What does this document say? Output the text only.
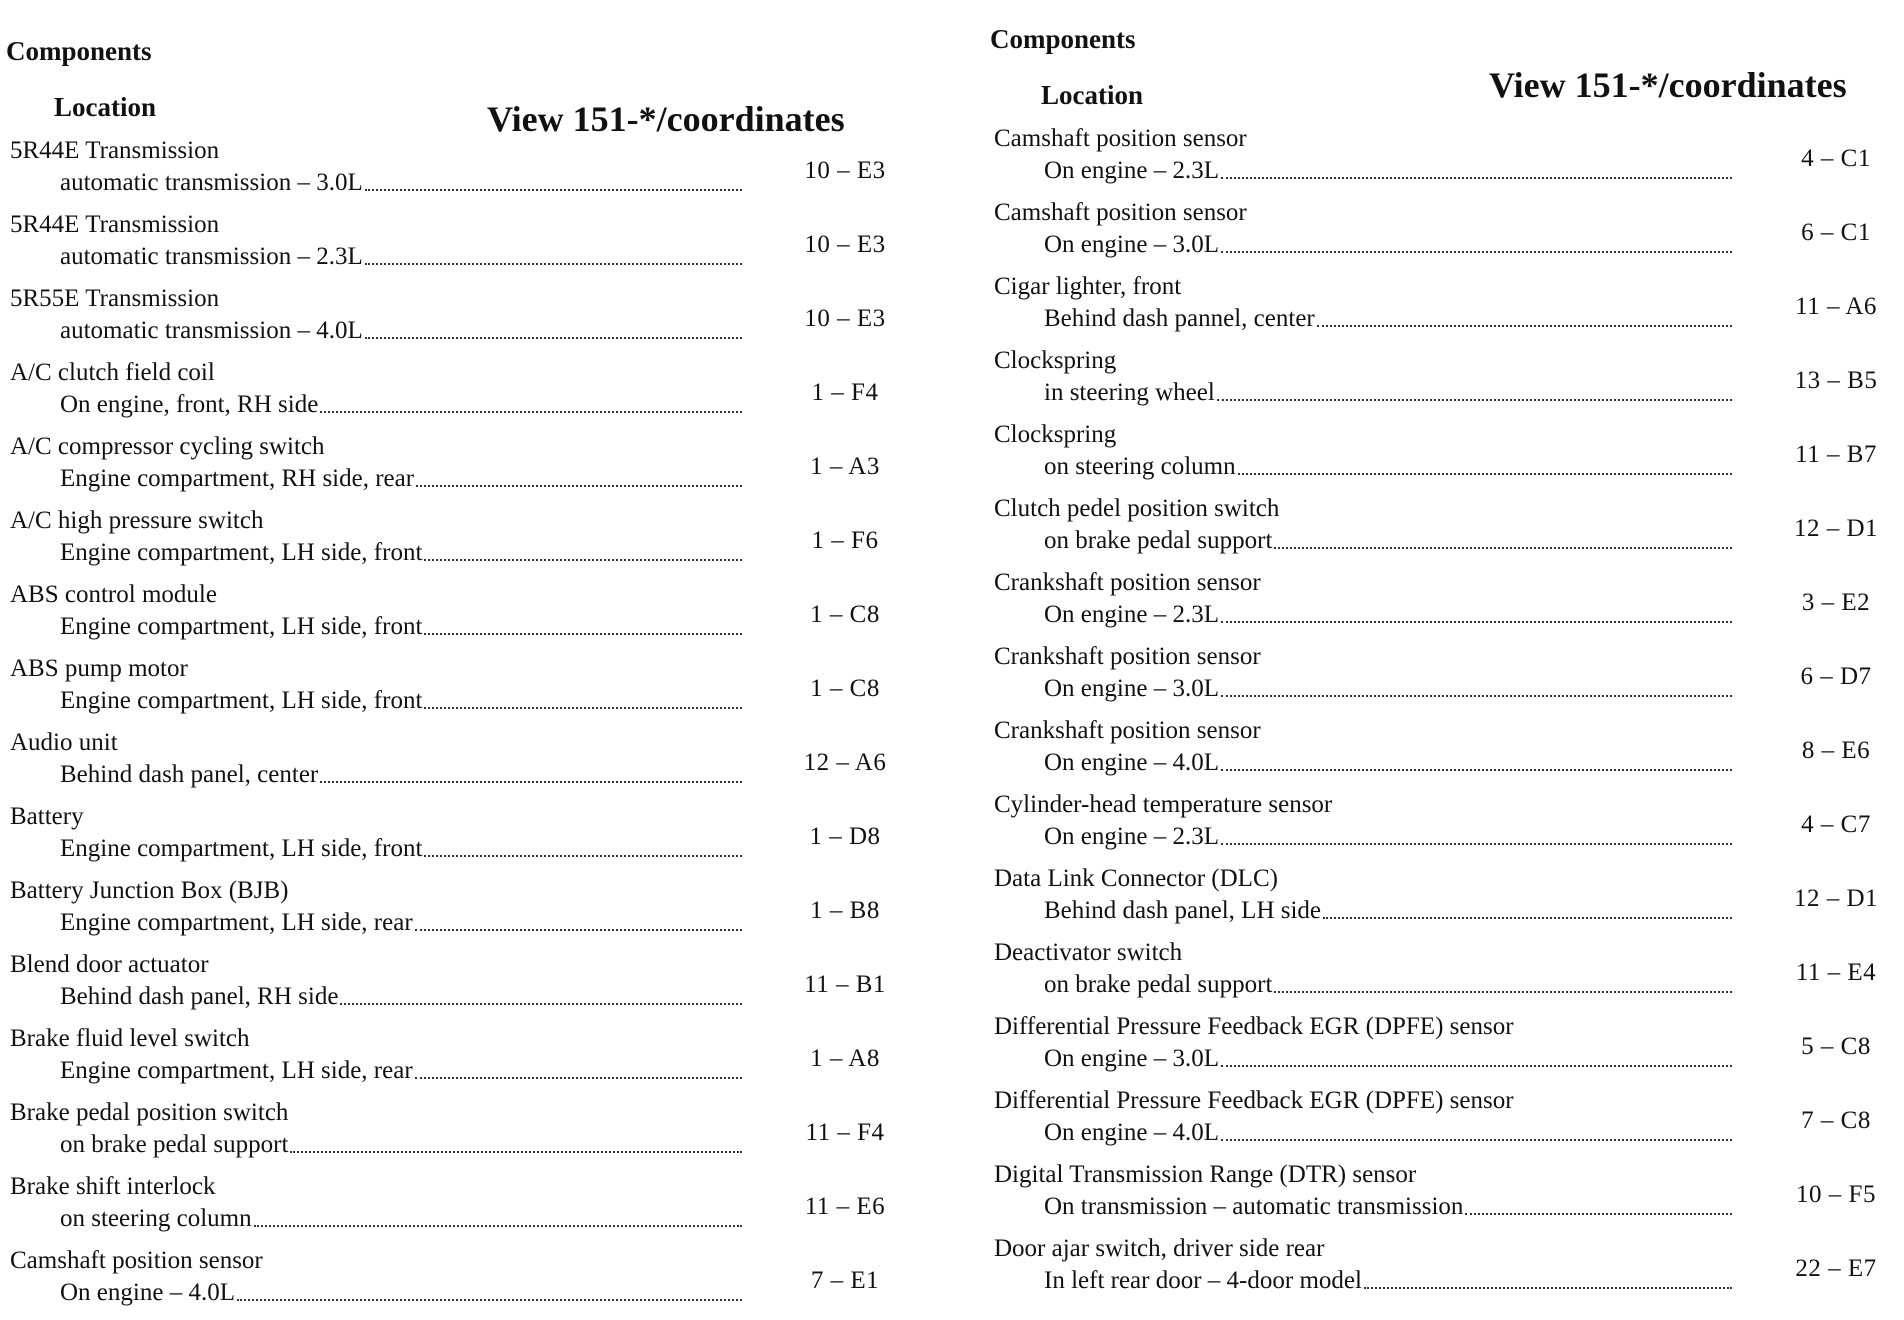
Components
Location	View 151-*/coordinates
5R44E Transmission
automatic transmission – 3.0L	10 – E3
5R44E Transmission
automatic transmission – 2.3L	10 – E3
5R55E Transmission
automatic transmission – 4.0L	10 – E3
A/C clutch field coil
On engine, front, RH side	1 – F4
A/C compressor cycling switch
Engine compartment, RH side, rear	1 – A3
A/C high pressure switch
Engine compartment, LH side, front	1 – F6
ABS control module
Engine compartment, LH side, front	1 – C8
ABS pump motor
Engine compartment, LH side, front	1 – C8
Audio unit
Behind dash panel, center	12 – A6
Battery
Engine compartment, LH side, front	1 – D8
Battery Junction Box (BJB)
Engine compartment, LH side, rear	1 – B8
Blend door actuator
Behind dash panel, RH side	11 – B1
Brake fluid level switch
Engine compartment, LH side, rear	1 – A8
Brake pedal position switch
on brake pedal support	11 – F4
Brake shift interlock
on steering column	11 – E6
Camshaft position sensor
On engine – 4.0L	7 – E1
Components
Location	View 151-*/coordinates
Camshaft position sensor
On engine – 2.3L	4 – C1
Camshaft position sensor
On engine – 3.0L	6 – C1
Cigar lighter, front
Behind dash pannel, center	11 – A6
Clockspring
in steering wheel	13 – B5
Clockspring
on steering column	11 – B7
Clutch pedel position switch
on brake pedal support	12 – D1
Crankshaft position sensor
On engine – 2.3L	3 – E2
Crankshaft position sensor
On engine – 3.0L	6 – D7
Crankshaft position sensor
On engine – 4.0L	8 – E6
Cylinder-head temperature sensor
On engine – 2.3L	4 – C7
Data Link Connector (DLC)
Behind dash panel, LH side	12 – D1
Deactivator switch
on brake pedal support	11 – E4
Differential Pressure Feedback EGR (DPFE) sensor
On engine – 3.0L	5 – C8
Differential Pressure Feedback EGR (DPFE) sensor
On engine – 4.0L	7 – C8
Digital Transmission Range (DTR) sensor
On transmission – automatic transmission	10 – F5
Door ajar switch, driver side rear
In left rear door – 4-door model	22 – E7
